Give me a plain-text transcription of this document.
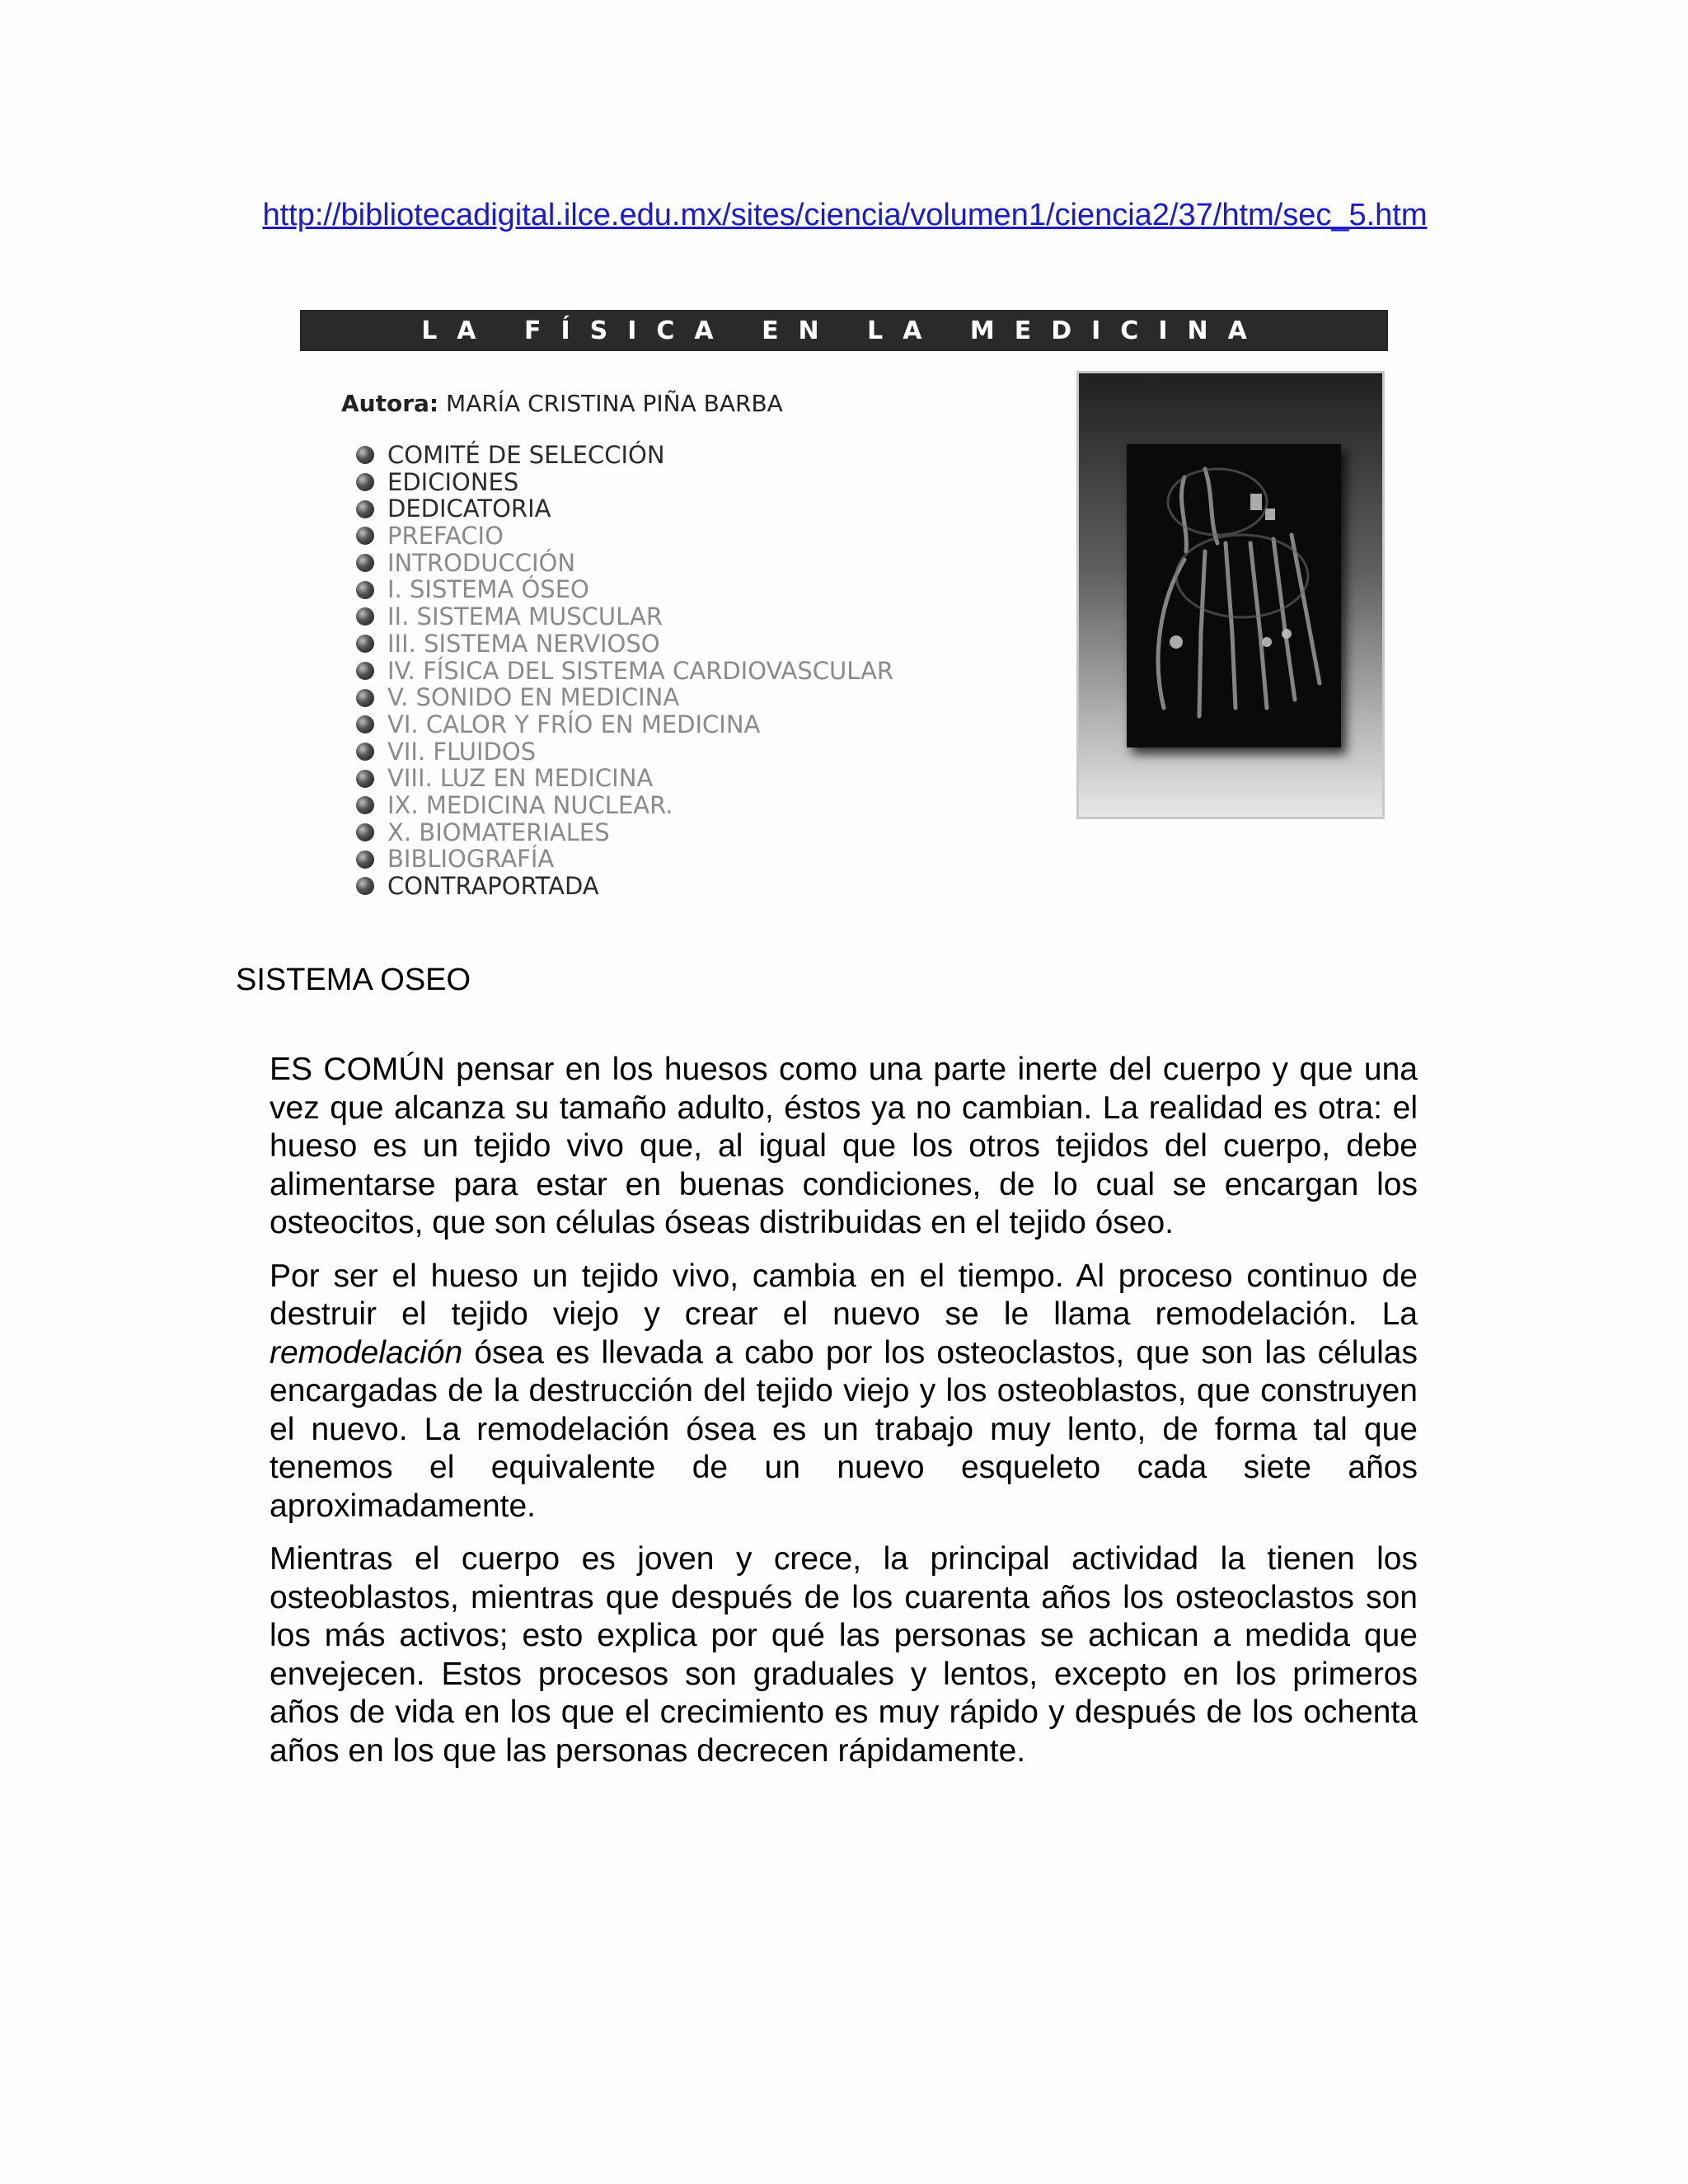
http://bibliotecadigital.ilce.edu.mx/sites/ciencia/volumen1/ciencia2/37/htm/sec_5.htm
LA FÍSICA EN LA MEDICINA
Autora: MARÍA CRISTINA PIÑA BARBA
COMITÉ DE SELECCIÓN
EDICIONES
DEDICATORIA
PREFACIO
INTRODUCCIÓN
I. SISTEMA ÓSEO
II. SISTEMA MUSCULAR
III. SISTEMA NERVIOSO
IV. FÍSICA DEL SISTEMA CARDIOVASCULAR
V. SONIDO EN MEDICINA
VI. CALOR Y FRÍO EN MEDICINA
VII. FLUIDOS
VIII. LUZ EN MEDICINA
IX. MEDICINA NUCLEAR.
X. BIOMATERIALES
BIBLIOGRAFÍA
CONTRAPORTADA
SISTEMA OSEO

ES COMÚN pensar en los huesos como una parte inerte del cuerpo y que una vez que alcanza su tamaño adulto, éstos ya no cambian. La realidad es otra: el hueso es un tejido vivo que, al igual que los otros tejidos del cuerpo, debe alimentarse para estar en buenas condiciones, de lo cual se encargan los osteocitos, que son células óseas distribuidas en el tejido óseo.

Por ser el hueso un tejido vivo, cambia en el tiempo. Al proceso continuo de destruir el tejido viejo y crear el nuevo se le llama remodelación. La remodelación ósea es llevada a cabo por los osteoclastos, que son las células encargadas de la destrucción del tejido viejo y los osteoblastos, que construyen el nuevo. La remodelación ósea es un trabajo muy lento, de forma tal que tenemos el equivalente de un nuevo esqueleto cada siete años aproximadamente.

Mientras el cuerpo es joven y crece, la principal actividad la tienen los osteoblastos, mientras que después de los cuarenta años los osteoclastos son los más activos; esto explica por qué las personas se achican a medida que envejecen. Estos procesos son graduales y lentos, excepto en los primeros años de vida en los que el crecimiento es muy rápido y después de los ochenta años en los que las personas decrecen rápidamente.
